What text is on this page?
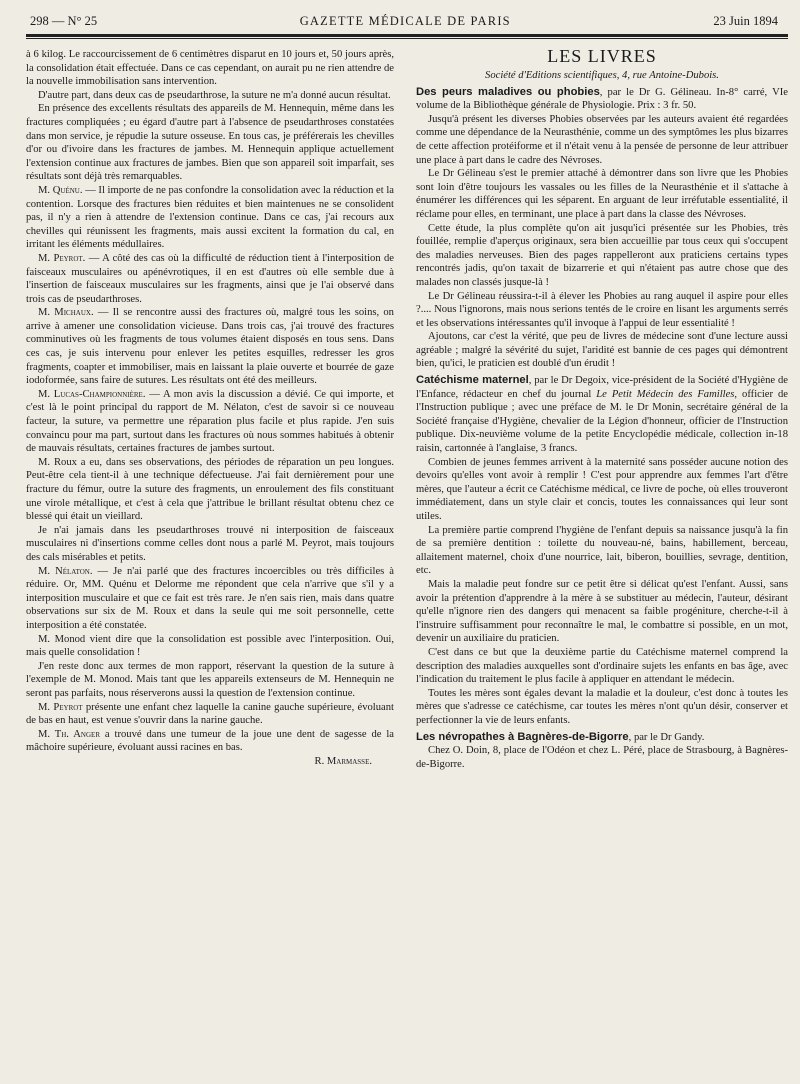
298 — N° 25	GAZETTE MÉDICALE DE PARIS	23 Juin 1894

à 6 kilog. Le raccourcissement de 6 centimètres disparut en 10 jours et, 50 jours après, la consolidation était effectuée. Dans ce cas cependant, on aurait pu ne rien attendre de la nouvelle immobilisation sans intervention.

D'autre part, dans deux cas de pseudarthrose, la suture ne m'a donné aucun résultat.

En présence des excellents résultats des appareils de M. Hennequin, même dans les fractures compliquées ; eu égard d'autre part à l'absence de pseudarthroses constatées dans mon service, je répudie la suture osseuse. En tous cas, je préférerais les chevilles d'or ou d'ivoire dans les fractures de jambes. M. Hennequin applique actuellement l'extension continue aux fractures de jambes. Bien que son appareil soit imparfait, ses résultats sont déjà très remarquables.

M. Quénu. — Il importe de ne pas confondre la consolidation avec la réduction et la contention. Lorsque des fractures bien réduites et bien maintenues ne se consolident pas, il n'y a rien à attendre de l'extension continue. Dans ce cas, j'ai recours aux chevilles qui réunissent les fragments, mais aussi excitent la formation du cal, en irritant les éléments médullaires.

M. Peyrot. — A côté des cas où la difficulté de réduction tient à l'interposition de faisceaux musculaires ou apénévrotiques, il en est d'autres où elle semble due à l'insertion de faisceaux musculaires sur les fragments, ainsi que je l'ai observé dans trois cas de pseudarthroses.

M. Michaux. — Il se rencontre aussi des fractures où, malgré tous les soins, on arrive à amener une consolidation vicieuse. Dans trois cas, j'ai trouvé des fractures comminutives où les fragments de tous volumes étaient disposés en tous sens. Dans ces cas, je suis intervenu pour enlever les petites esquilles, redresser les gros fragments, coapter et immobiliser, mais en laissant la plaie ouverte et bourrée de gaze iodoformée, sans faire de sutures. Les résultats ont été des meilleurs.

M. Lucas-Championnière. — A mon avis la discussion a dévié. Ce qui importe, et c'est là le point principal du rapport de M. Nélaton, c'est de savoir si ce nouveau facteur, la suture, va permettre une réparation plus facile et plus rapide. J'en suis convaincu pour ma part, surtout dans les fractures où nous sommes habitués à obtenir de mauvais résultats, certaines fractures de jambes surtout.

M. Roux a eu, dans ses observations, des périodes de réparation un peu longues. Peut-être cela tient-il à une technique défectueuse. J'ai fait dernièrement pour une fracture du fémur, outre la suture des fragments, un enroulement des fils constituant une virole métallique, et c'est à cela que j'attribue le brillant résultat obtenu chez ce blessé qui était un vieillard.

Je n'ai jamais dans les pseudarthroses trouvé ni interposition de faisceaux musculaires ni d'insertions comme celles dont nous a parlé M. Peyrot, mais toujours des cals misérables et petits.

M. Nélaton. — Je n'ai parlé que des fractures incoercibles ou très difficiles à réduire. Or, MM. Quénu et Delorme me répondent que cela n'arrive que s'il y a interposition musculaire et que ce fait est très rare. Je n'en sais rien, mais dans quatre observations sur six de M. Roux et dans la seule qui me soit personnelle, cette interposition a été constatée.

M. Monod vient dire que la consolidation est possible avec l'interposition. Oui, mais quelle consolidation !

J'en reste donc aux termes de mon rapport, réservant la question de la suture à l'exemple de M. Monod. Mais tant que les appareils extenseurs de M. Hennequin ne seront pas parfaits, nous réserverons aussi la question de l'extension continue.

M. Peyrot présente une enfant chez laquelle la canine gauche supérieure, évoluant de bas en haut, est venue s'ouvrir dans la narine gauche.

M. Th. Anger a trouvé dans une tumeur de la joue une dent de sagesse de la mâchoire supérieure, évoluant aussi racines en bas.

R. Marmasse.

LES LIVRES
Société d'Editions scientifiques, 4, rue Antoine-Dubois.

Des peurs maladives ou phobies, par le Dr G. Gélineau. In-8° carré, VIe volume de la Bibliothèque générale de Physiologie. Prix : 3 fr. 50.

Jusqu'à présent les diverses Phobies observées par les auteurs avaient été regardées comme une dépendance de la Neurasthénie, comme un des symptômes les plus bizarres de cette affection protéiforme et il n'était venu à la pensée de personne de leur attribuer une place à part dans le cadre des Névroses.

Le Dr Gélineau s'est le premier attaché à démontrer dans son livre que les Phobies sont loin d'être toujours les vassales ou les filles de la Neurasthénie et il s'attache à énumérer les différences qui les séparent. En arguant de leur irréfutable essentialité, il réclame pour elles, en terminant, une place à part dans la classe des Névroses.

Cette étude, la plus complète qu'on ait jusqu'ici présentée sur les Phobies, très fouillée, remplie d'aperçus originaux, sera bien accueillie par tous ceux qui s'occupent des maladies nerveuses. Bien des pages rappelleront aux praticiens certains types rencontrés jadis, qu'on taxait de bizarrerie et qui n'étaient pas autre chose que des malades non classés jusque-là !

Le Dr Gélineau réussira-t-il à élever les Phobies au rang auquel il aspire pour elles ?.... Nous l'ignorons, mais nous serions tentés de le croire en lisant les arguments serrés et les observations intéressantes qu'il invoque à l'appui de leur essentialité !

Ajoutons, car c'est la vérité, que peu de livres de médecine sont d'une lecture aussi agréable ; malgré la sévérité du sujet, l'aridité est bannie de ces pages qui démontrent bien, qu'ici, le praticien est doublé d'un érudit !

Catéchisme maternel, par le Dr Degoix, vice-président de la Société d'Hygiène de l'Enfance, rédacteur en chef du journal Le Petit Médecin des Familles, officier de l'Instruction publique ; avec une préface de M. le Dr Monin, secrétaire général de la Société française d'Hygiène, chevalier de la Légion d'honneur, officier de l'Instruction publique. Dix-neuvième volume de la petite Encyclopédie médicale, collection in-18 raisin, cartonnée à l'anglaise, 3 francs.

Combien de jeunes femmes arrivent à la maternité sans posséder aucune notion des devoirs qu'elles vont avoir à remplir ! C'est pour apprendre aux femmes l'art d'être mères, que l'auteur a écrit ce Catéchisme médical, ce livre de poche, où elles trouveront immédiatement, dans un style clair et concis, toutes les connaissances qui leur sont utiles.

La première partie comprend l'hygiène de l'enfant depuis sa naissance jusqu'à la fin de sa première dentition : toilette du nouveau-né, bains, habillement, berceau, allaitement maternel, choix d'une nourrice, lait, biberon, bouillies, sevrage, dentition, etc.

Mais la maladie peut fondre sur ce petit être si délicat qu'est l'enfant. Aussi, sans avoir la prétention d'apprendre à la mère à se substituer au médecin, l'auteur, désirant qu'elle n'ignore rien des dangers qui menacent sa faible progéniture, cherche-t-il à l'instruire suffisamment pour reconnaître le mal, le combattre si possible, en un mot, devenir un auxiliaire du praticien.

C'est dans ce but que la deuxième partie du Catéchisme maternel comprend la description des maladies auxquelles sont d'ordinaire sujets les enfants en bas âge, avec l'indication du traitement le plus facile à appliquer en attendant le médecin.

Toutes les mères sont égales devant la maladie et la douleur, c'est donc à toutes les mères que s'adresse ce catéchisme, car toutes les mères n'ont qu'un désir, conserver et perfectionner la vie de leurs enfants.

Les névropathes à Bagnères-de-Bigorre, par le Dr Gandy.

Chez O. Doin, 8, place de l'Odéon et chez L. Péré, place de Strasbourg, à Bagnères-de-Bigorre.
